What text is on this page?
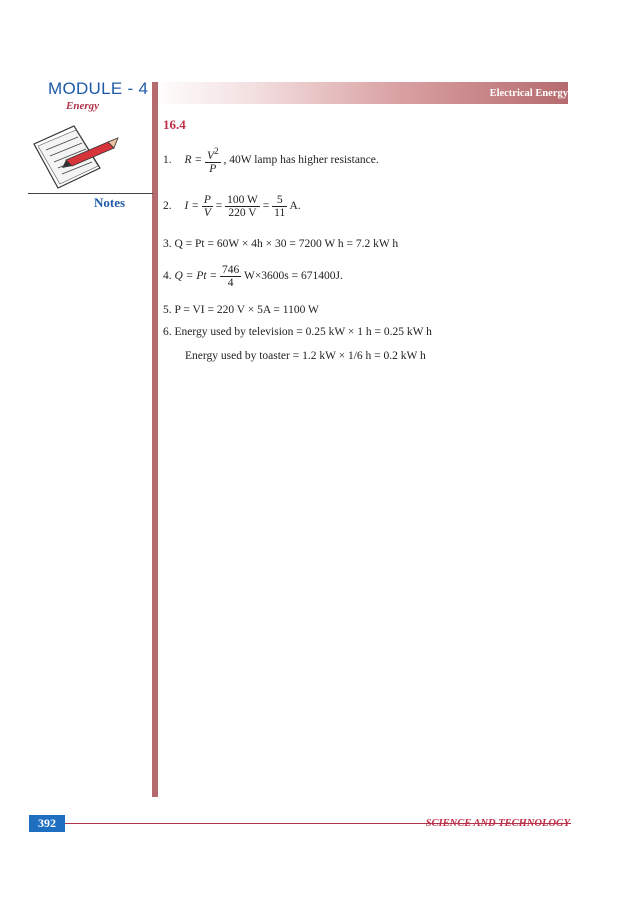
MODULE - 4
Energy
Electrical Energy
Notes
16.4
1. $R = \frac{V^2}{P}$ , 40W lamp has higher resistance.
2. $I = \frac{P}{V} = \frac{100 W}{220 V} = \frac{5}{11} A$.
3. Q = Pt = 60W × 4h × 30 = 7200 W h = 7.2 kW h
4. $Q = Pt = \frac{746}{4} W\times 3600s = 671400J$.
5. P = VI = 220 V × 5A = 1100 W
6. Energy used by television = 0.25 kW × 1 h = 0.25 kW h
Energy used by toaster = 1.2 kW × 1/6 h = 0.2 kW h
392	SCIENCE AND TECHNOLOGY
